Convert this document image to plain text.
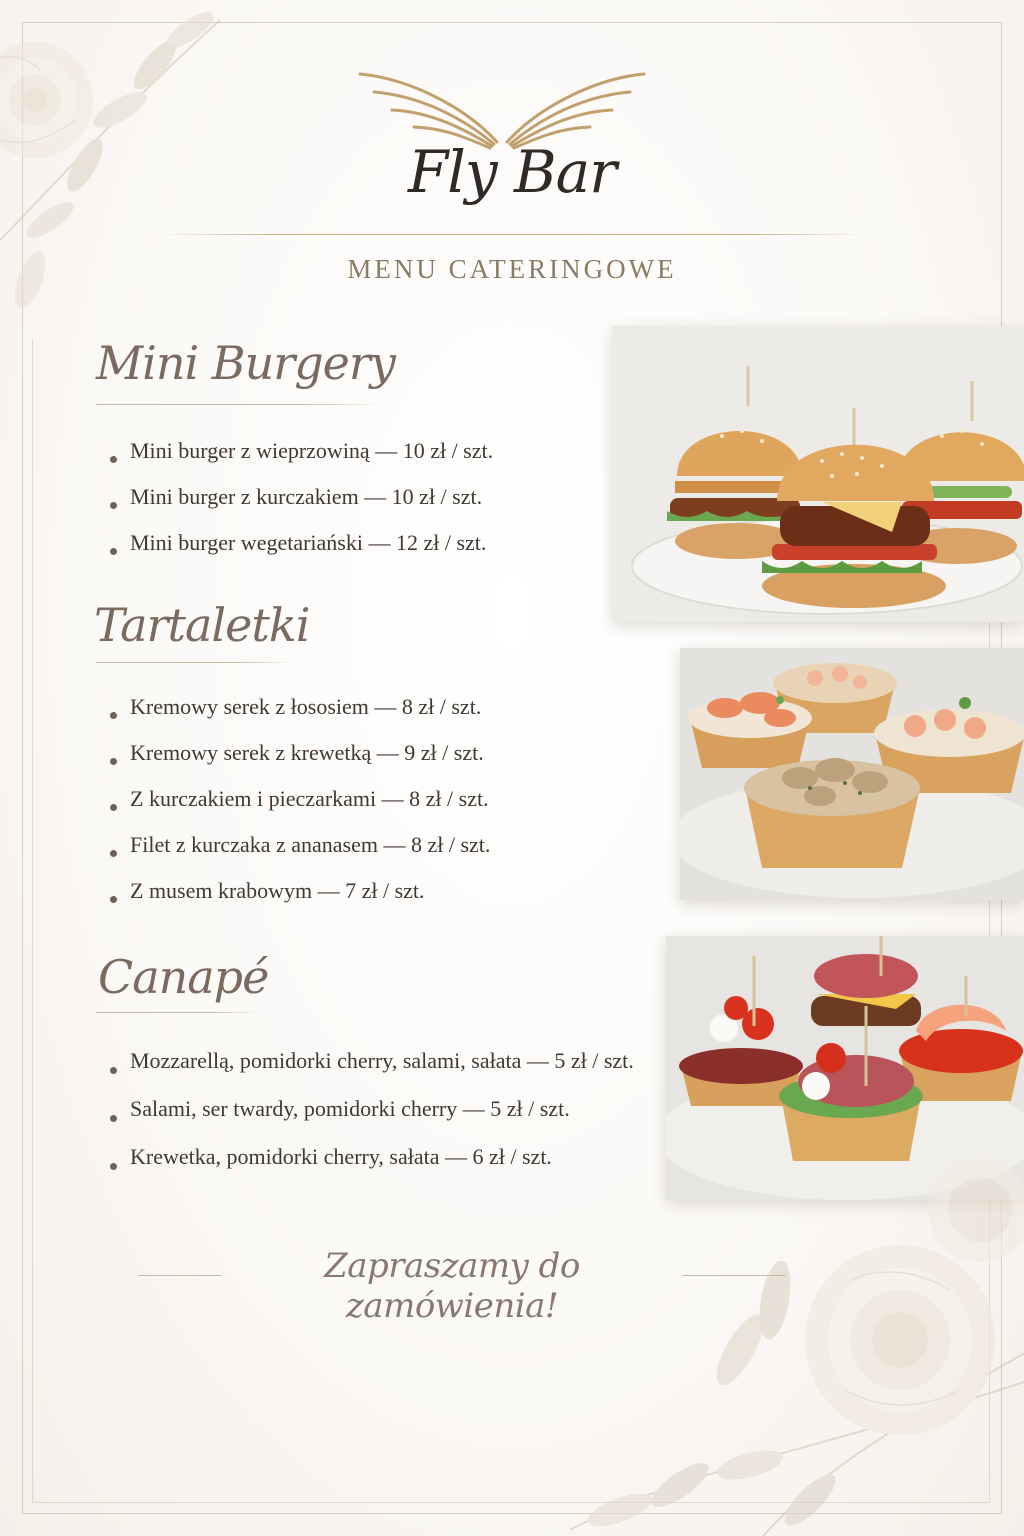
Fly Bar
MENU CATERINGOWE
Mini Burgery
Mini burger z wieprzowiną — 10 zł / szt.
Mini burger z kurczakiem — 10 zł / szt.
Mini burger wegetariański — 12 zł / szt.
Tartaletki
Kremowy serek z łososiem — 8 zł / szt.
Kremowy serek z krewetką — 9 zł / szt.
Z kurczakiem i pieczarkami — 8 zł / szt.
Filet z kurczaka z ananasem — 8 zł / szt.
Z musem krabowym — 7 zł / szt.
Canapé
Mozzarellą, pomidorki cherry, salami, sałata — 5 zł / szt.
Salami, ser twardy, pomidorki cherry — 5 zł / szt.
Krewetka, pomidorki cherry, sałata — 6 zł / szt.
Zapraszamy do zamówienia!
